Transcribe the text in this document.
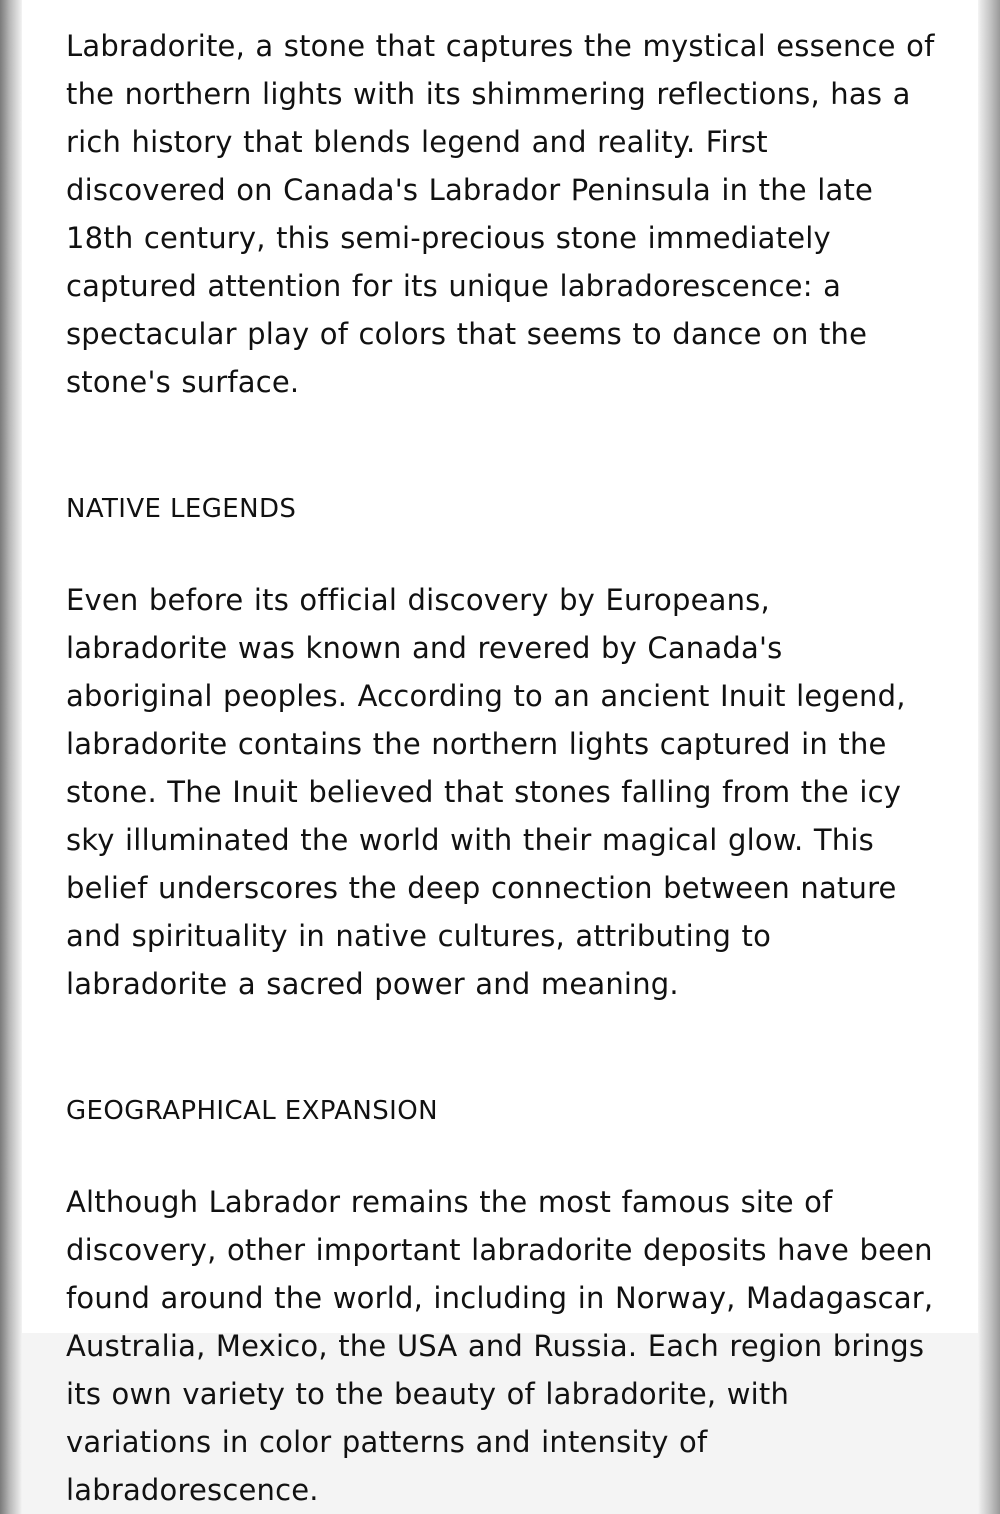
Labradorite, a stone that captures the mystical essence of the northern lights with its shimmering reflections, has a rich history that blends legend and reality. First discovered on Canada's Labrador Peninsula in the late 18th century, this semi-precious stone immediately captured attention for its unique labradorescence: a spectacular play of colors that seems to dance on the stone's surface.

NATIVE LEGENDS

Even before its official discovery by Europeans, labradorite was known and revered by Canada's aboriginal peoples. According to an ancient Inuit legend, labradorite contains the northern lights captured in the stone. The Inuit believed that stones falling from the icy sky illuminated the world with their magical glow. This belief underscores the deep connection between nature and spirituality in native cultures, attributing to labradorite a sacred power and meaning.

GEOGRAPHICAL EXPANSION

Although Labrador remains the most famous site of discovery, other important labradorite deposits have been found around the world, including in Norway, Madagascar, Australia, Mexico, the USA and Russia. Each region brings its own variety to the beauty of labradorite, with variations in color patterns and intensity of labradorescence.
